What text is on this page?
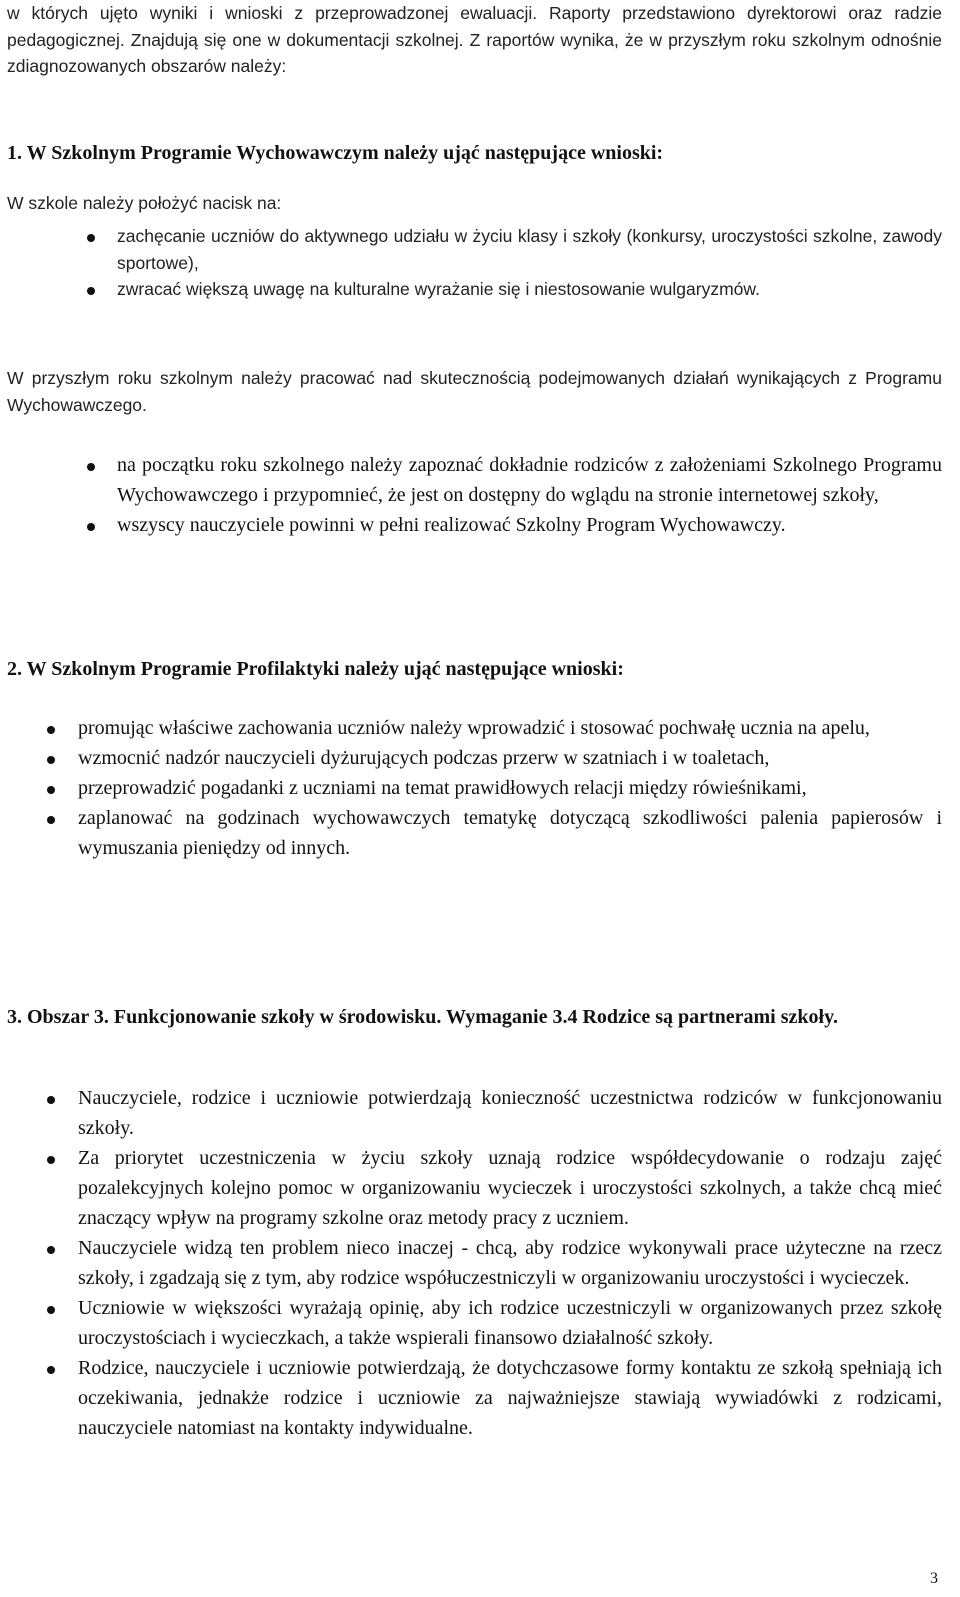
w których ujęto wyniki i wnioski z przeprowadzonej ewaluacji. Raporty przedstawiono dyrektorowi oraz radzie pedagogicznej. Znajdują się one w dokumentacji szkolnej. Z raportów wynika, że w przyszłym roku szkolnym odnośnie zdiagnozowanych obszarów należy:

1. W Szkolnym Programie Wychowawczym należy ująć następujące wnioski:
W szkole należy położyć nacisk na:
zachęcanie uczniów do aktywnego udziału w życiu klasy i szkoły (konkursy, uroczystości szkolne, zawody sportowe),
zwracać większą uwagę na kulturalne wyrażanie się i niestosowanie wulgaryzmów.

W przyszłym roku szkolnym należy pracować nad skutecznością podejmowanych działań wynikających z Programu Wychowawczego.

na początku roku szkolnego należy zapoznać dokładnie rodziców z założeniami Szkolnego Programu Wychowawczego i przypomnieć, że jest on dostępny do wglądu na stronie internetowej szkoły,
wszyscy nauczyciele powinni w pełni realizować Szkolny Program Wychowawczy.
2. W Szkolnym Programie Profilaktyki należy ująć następujące wnioski:
promując właściwe zachowania uczniów należy wprowadzić i stosować pochwałę ucznia na apelu,
wzmocnić nadzór nauczycieli dyżurujących podczas przerw w szatniach i w toaletach,
przeprowadzić pogadanki z uczniami na temat prawidłowych relacji między rówieśnikami,
zaplanować na godzinach wychowawczych tematykę dotyczącą szkodliwości palenia papierosów i wymuszania pieniędzy od innych.
3. Obszar 3. Funkcjonowanie szkoły w środowisku. Wymaganie 3.4 Rodzice są partnerami szkoły.
Nauczyciele, rodzice i uczniowie potwierdzają konieczność uczestnictwa rodziców w funkcjonowaniu szkoły.
Za priorytet uczestniczenia w życiu szkoły uznają rodzice współdecydowanie o rodzaju zajęć pozalekcyjnych kolejno pomoc w organizowaniu wycieczek i uroczystości szkolnych, a także chcą mieć znaczący wpływ na programy szkolne oraz metody pracy z uczniem.
Nauczyciele widzą ten problem nieco inaczej - chcą, aby rodzice wykonywali prace użyteczne na rzecz szkoły, i zgadzają się z tym, aby rodzice współuczestniczyli w organizowaniu uroczystości i wycieczek.
Uczniowie w większości wyrażają opinię, aby ich rodzice uczestniczyli w organizowanych przez szkołę uroczystościach i wycieczkach, a także wspierali finansowo działalność szkoły.
Rodzice, nauczyciele i uczniowie potwierdzają, że dotychczasowe formy kontaktu ze szkołą spełniają ich oczekiwania, jednakże rodzice i uczniowie za najważniejsze stawiają wywiadówki z rodzicami, nauczyciele natomiast na kontakty indywidualne.
3
